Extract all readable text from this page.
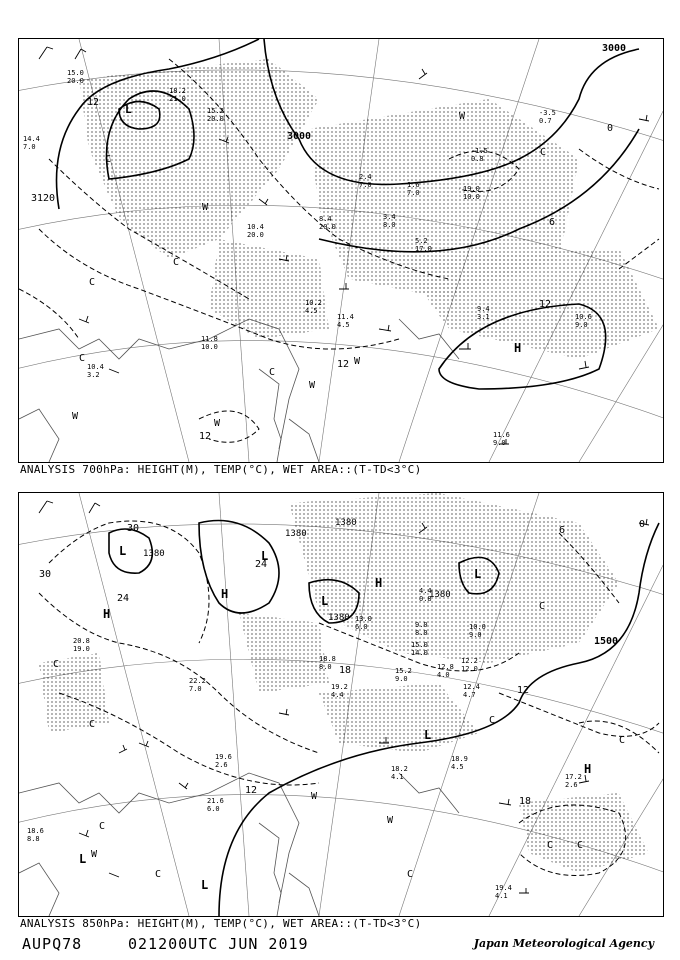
3000
3000
3120
H
L
W
W
W
W
W
W
C
C
C
C
C
C
12
12
12
12
0
6
15.0
20.0
14.4
7.0
18.2
21.0
15.2
20.0
10.4
20.0
8.4
20.0
2.4
7.0	1.6
7.0
3.4
8.0
5.2
17.0
19.0
10.0
9.4
3.1	10.6
9.0
11.6
9.0
10.4
3.2
11.8
10.0
10.2
4.5
11.4
4.5
-1.5
0.8
-3.5
0.7
ANALYSIS 700hPa: HEIGHT(M), TEMP(°C), WET AREA::(T-TD<3°C)
1380
1380
1380
1380
1380
1500
H
H
H
H
L	L
L
L
L
L
L
W
W
W
C
C	C
C
C
C C
C
C
C
30
24
24
18
18
12
12
0
6
30
20.8
19.0
22.2
7.0
19.6
2.6
21.6
6.0
18.6
8.8
18.2
4.1
18.9
4.5
17.2
2.6
19.4
4.1
12.4
4.7
12.8
4.0
15.2
9.0
13.0
6.0
18.8
8.0
19.2
4.4
9.0
8.0
12.2
12.0
15.0
14.0
10.0
9.0
4.4
0.8
ANALYSIS 850hPa: HEIGHT(M), TEMP(°C), WET AREA::(T-TD<3°C)
AUPQ78	021200UTC JUN 2019	Japan Meteorological Agency
